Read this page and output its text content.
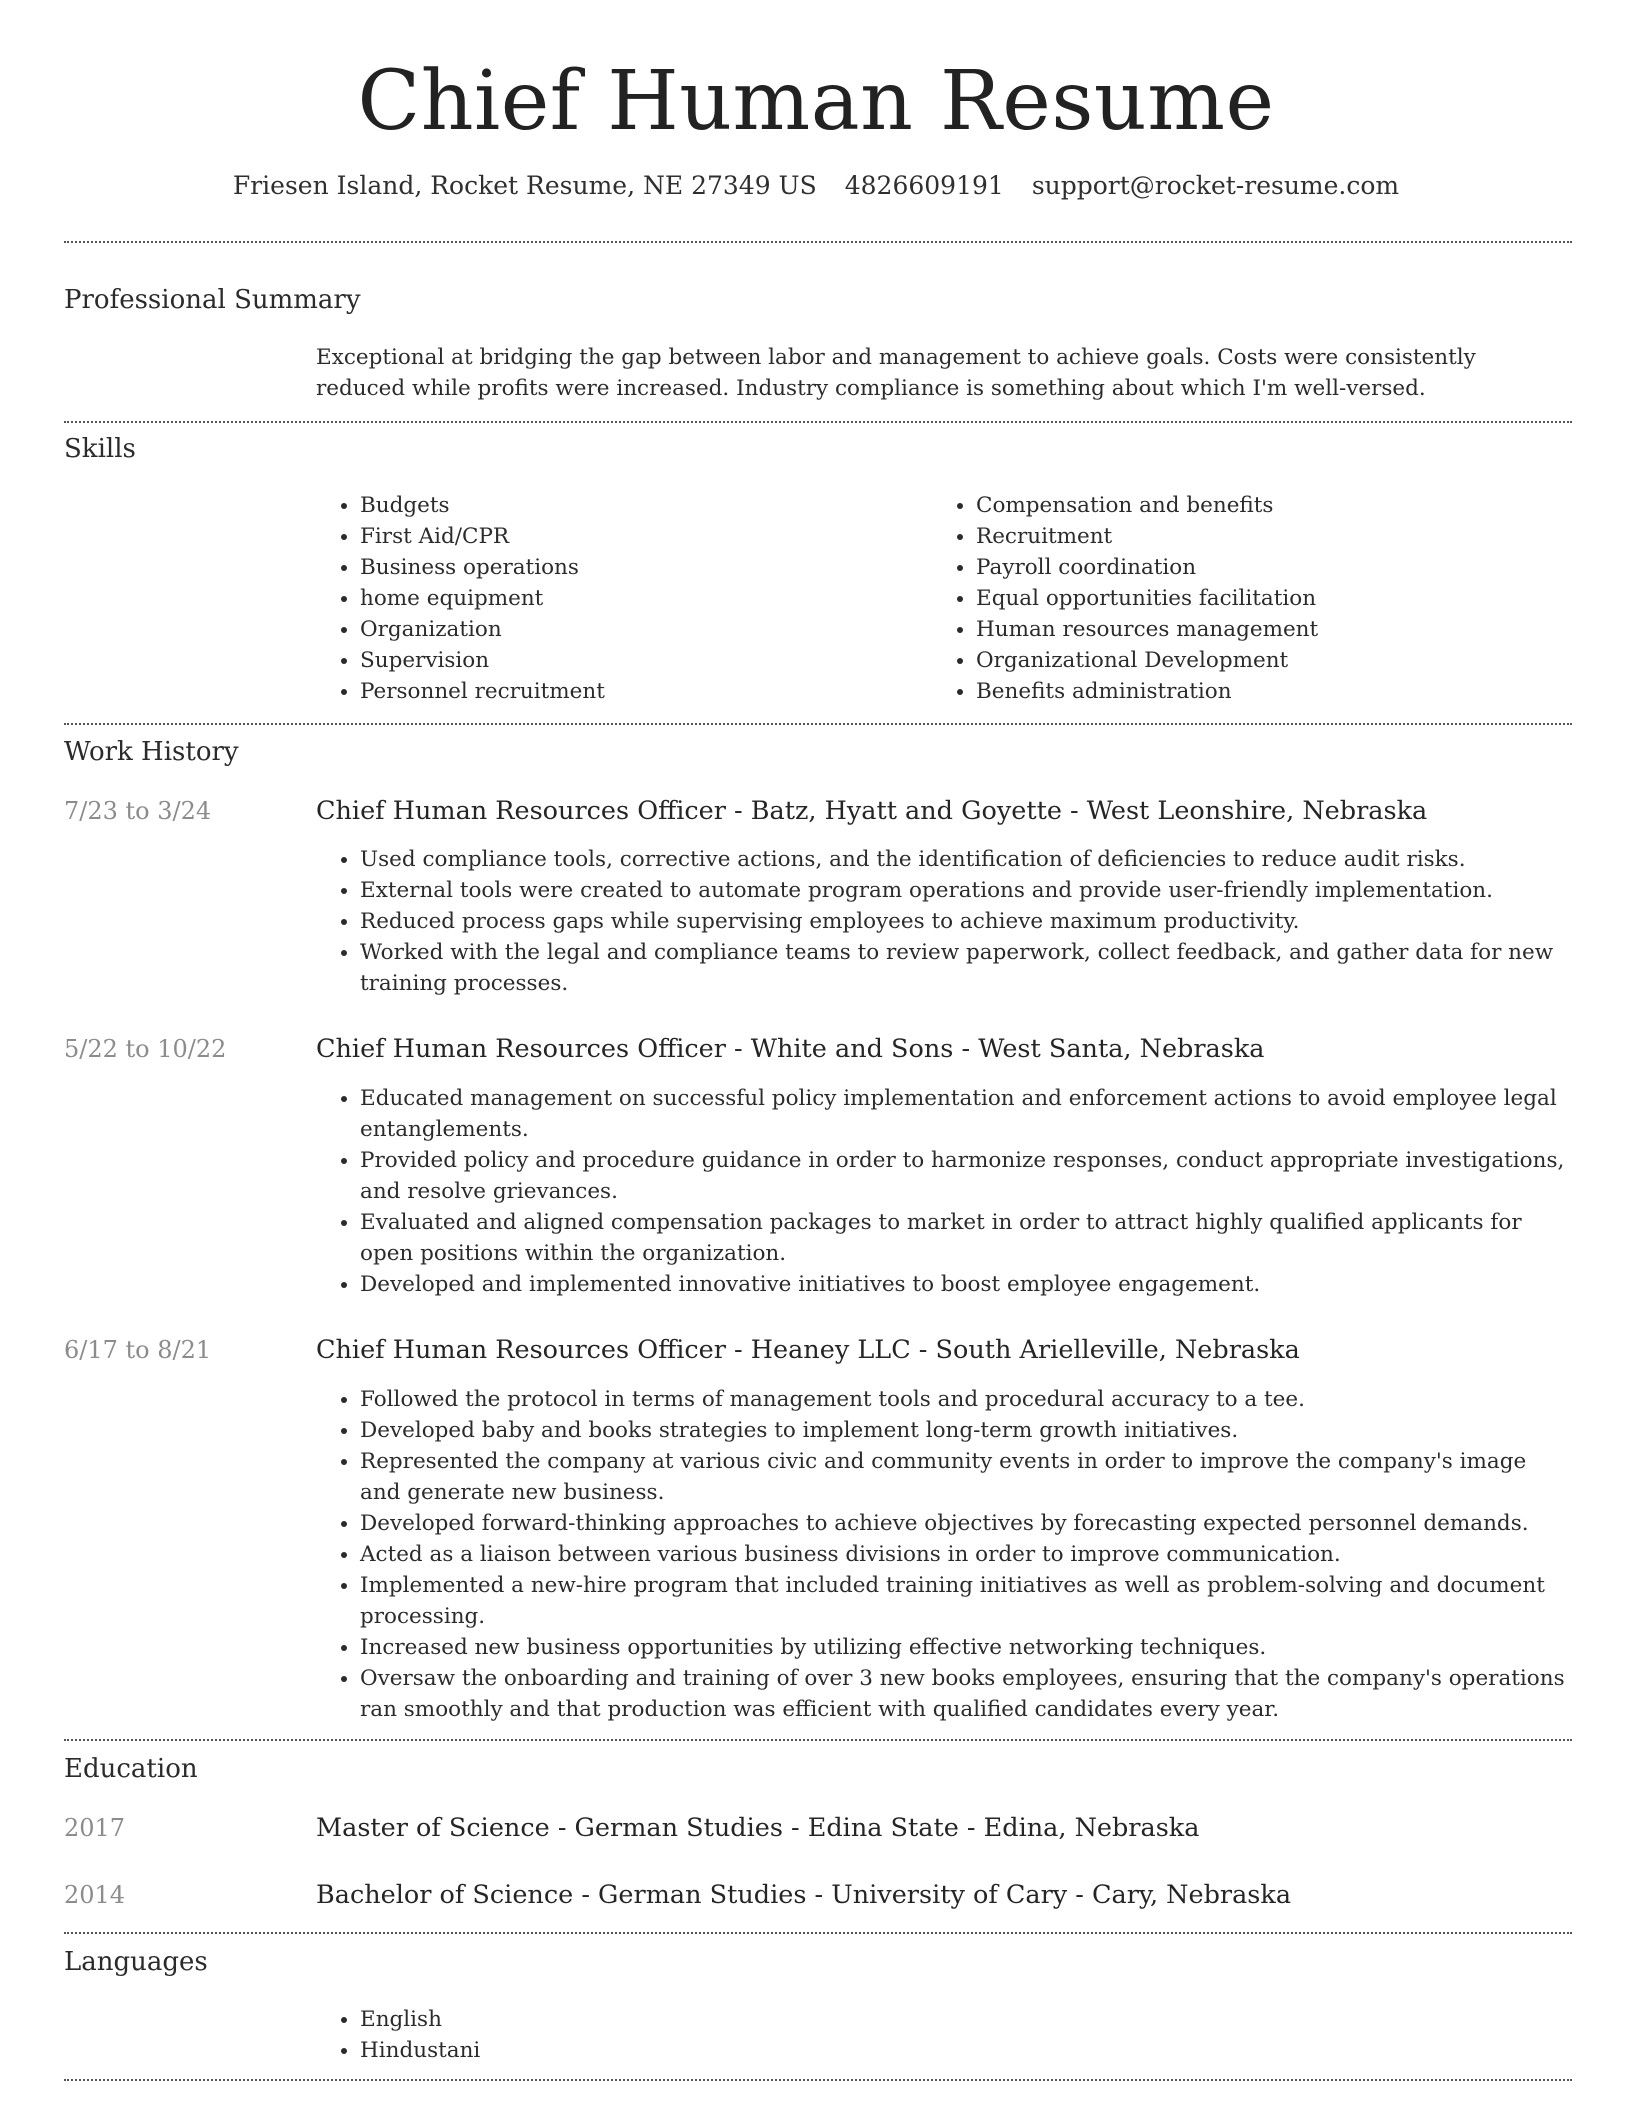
Chief Human Resume
Friesen Island, Rocket Resume, NE 27349 US 4826609191 support@rocket-resume.com
Professional Summary

Exceptional at bridging the gap between labor and management to achieve goals. Costs were consistently reduced while profits were increased. Industry compliance is something about which I'm well-versed.

Skills
• Budgets
• First Aid/CPR
• Business operations
• home equipment
• Organization
• Supervision
• Personnel recruitment
• Compensation and benefits
• Recruitment
• Payroll coordination
• Equal opportunities facilitation
• Human resources management
• Organizational Development
• Benefits administration
Work History
7/23 to 3/24	Chief Human Resources Officer - Batz, Hyatt and Goyette - West Leonshire, Nebraska
• Used compliance tools, corrective actions, and the identification of deficiencies to reduce audit risks.
• External tools were created to automate program operations and provide user-friendly implementation.
• Reduced process gaps while supervising employees to achieve maximum productivity.
• Worked with the legal and compliance teams to review paperwork, collect feedback, and gather data for new training processes.
5/22 to 10/22	Chief Human Resources Officer - White and Sons - West Santa, Nebraska
• Educated management on successful policy implementation and enforcement actions to avoid employee legal entanglements.
• Provided policy and procedure guidance in order to harmonize responses, conduct appropriate investigations, and resolve grievances.
• Evaluated and aligned compensation packages to market in order to attract highly qualified applicants for open positions within the organization.
• Developed and implemented innovative initiatives to boost employee engagement.
6/17 to 8/21	Chief Human Resources Officer - Heaney LLC - South Arielleville, Nebraska
• Followed the protocol in terms of management tools and procedural accuracy to a tee.
• Developed baby and books strategies to implement long-term growth initiatives.
• Represented the company at various civic and community events in order to improve the company's image and generate new business.
• Developed forward-thinking approaches to achieve objectives by forecasting expected personnel demands.
• Acted as a liaison between various business divisions in order to improve communication.
• Implemented a new-hire program that included training initiatives as well as problem-solving and document processing.
• Increased new business opportunities by utilizing effective networking techniques.
• Oversaw the onboarding and training of over 3 new books employees, ensuring that the company's operations ran smoothly and that production was efficient with qualified candidates every year.
Education
2017	Master of Science - German Studies - Edina State - Edina, Nebraska
2014	Bachelor of Science - German Studies - University of Cary - Cary, Nebraska
Languages
• English
• Hindustani
